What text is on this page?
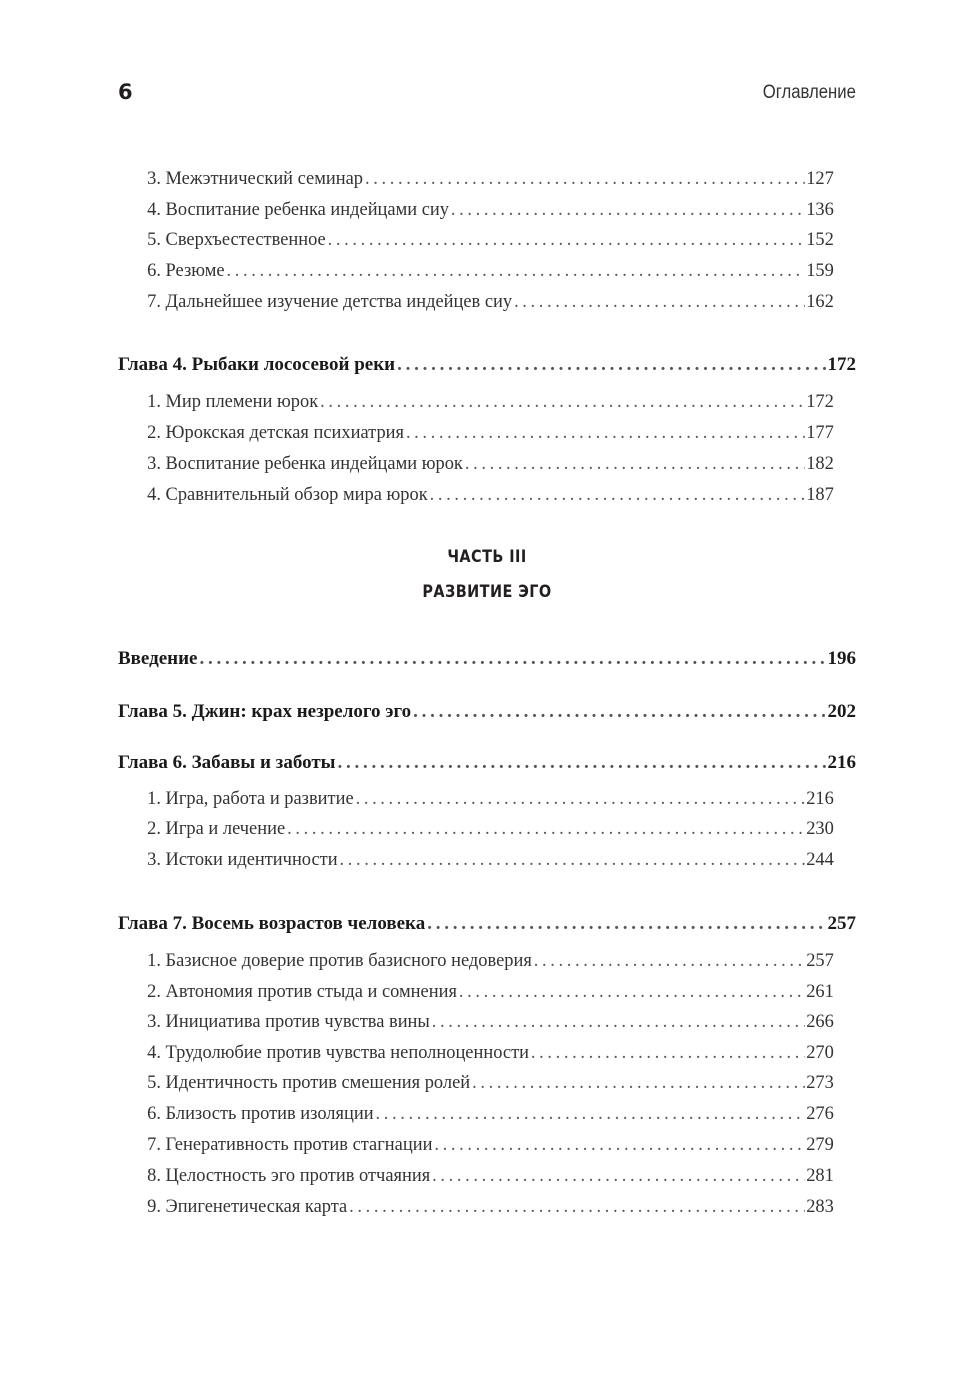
6	Оглавление
3. Межэтнический семинар . . .	127
4. Воспитание ребенка индейцами сиу . . .	136
5. Сверхъестественное . . .	152
6. Резюме . . .	159
7. Дальнейшее изучение детства индейцев сиу . . .	162
Глава 4. Рыбаки лососевой реки . . .	172
1. Мир племени юрок . . .	172
2. Юрокская детская психиатрия . . .	177
3. Воспитание ребенка индейцами юрок . . .	182
4. Сравнительный обзор мира юрок . . .	187
Введение . . .	196
Глава 5. Джин: крах незрелого эго . . .	202
Глава 6. Забавы и заботы . . .	216
1. Игра, работа и развитие . . .	216
2. Игра и лечение . . .	230
3. Истоки идентичности . . .	244
Глава 7. Восемь возрастов человека . . .	257
1. Базисное доверие против базисного недоверия . . .	257
2. Автономия против стыда и сомнения . . .	261
3. Инициатива против чувства вины . . .	266
4. Трудолюбие против чувства неполноценности . . .	270
5. Идентичность против смешения ролей . . .	273
6. Близость против изоляции . . .	276
7. Генеративность против стагнации . . .	279
8. Целостность эго против отчаяния . . .	281
9. Эпигенетическая карта . . .	283
ЧАСТЬ III
РАЗВИТИЕ ЭГО
